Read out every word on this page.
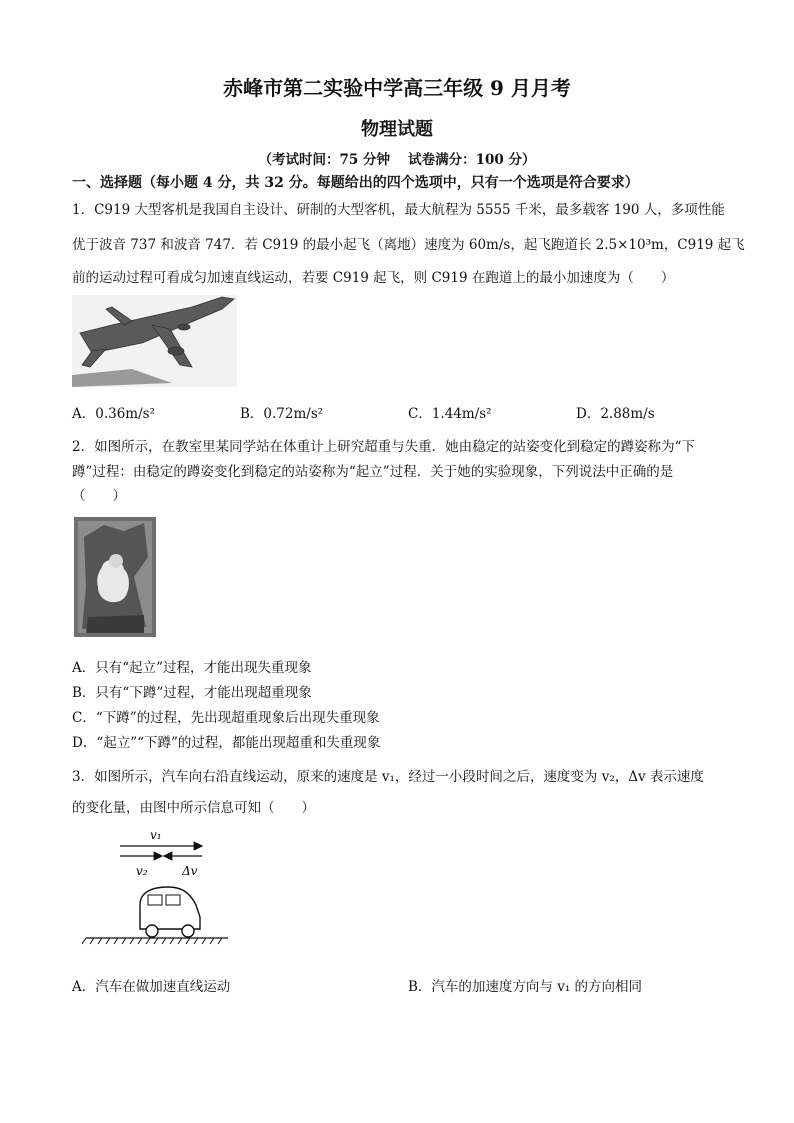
赤峰市第二实验中学高三年级 9 月月考
物理试题
（考试时间：75 分钟　 试卷满分：100 分）
一、选择题（每小题 4 分，共 32 分。每题给出的四个选项中，只有一个选项是符合要求）
1．C919 大型客机是我国自主设计、研制的大型客机，最大航程为 5555 千米，最多载客 190 人，多项性能
优于波音 737 和波音 747．若 C919 的最小起飞（离地）速度为 60m/s，起飞跑道长 2.5×10³m，C919 起飞
前的运动过程可看成匀加速直线运动，若要 C919 起飞，则 C919 在跑道上的最小加速度为（　　）
A．0.36m/s²	B．0.72m/s²	C．1.44m/s²	D．2.88m/s
2．如图所示，在教室里某同学站在体重计上研究超重与失重．她由稳定的站姿变化到稳定的蹲姿称为“下
蹲”过程：由稳定的蹲姿变化到稳定的站姿称为“起立”过程．关于她的实验现象，下列说法中正确的是
（　　）
A．只有“起立”过程，才能出现失重现象
B．只有“下蹲”过程，才能出现超重现象
C．“下蹲”的过程，先出现超重现象后出现失重现象
D．“起立”“下蹲”的过程，都能出现超重和失重现象
3．如图所示，汽车向右沿直线运动，原来的速度是 v₁，经过一小段时间之后，速度变为 v₂，Δv 表示速度
的变化量，由图中所示信息可知（　　）
v₁
v₂	Δv
A．汽车在做加速直线运动	B．汽车的加速度方向与 v₁ 的方向相同
